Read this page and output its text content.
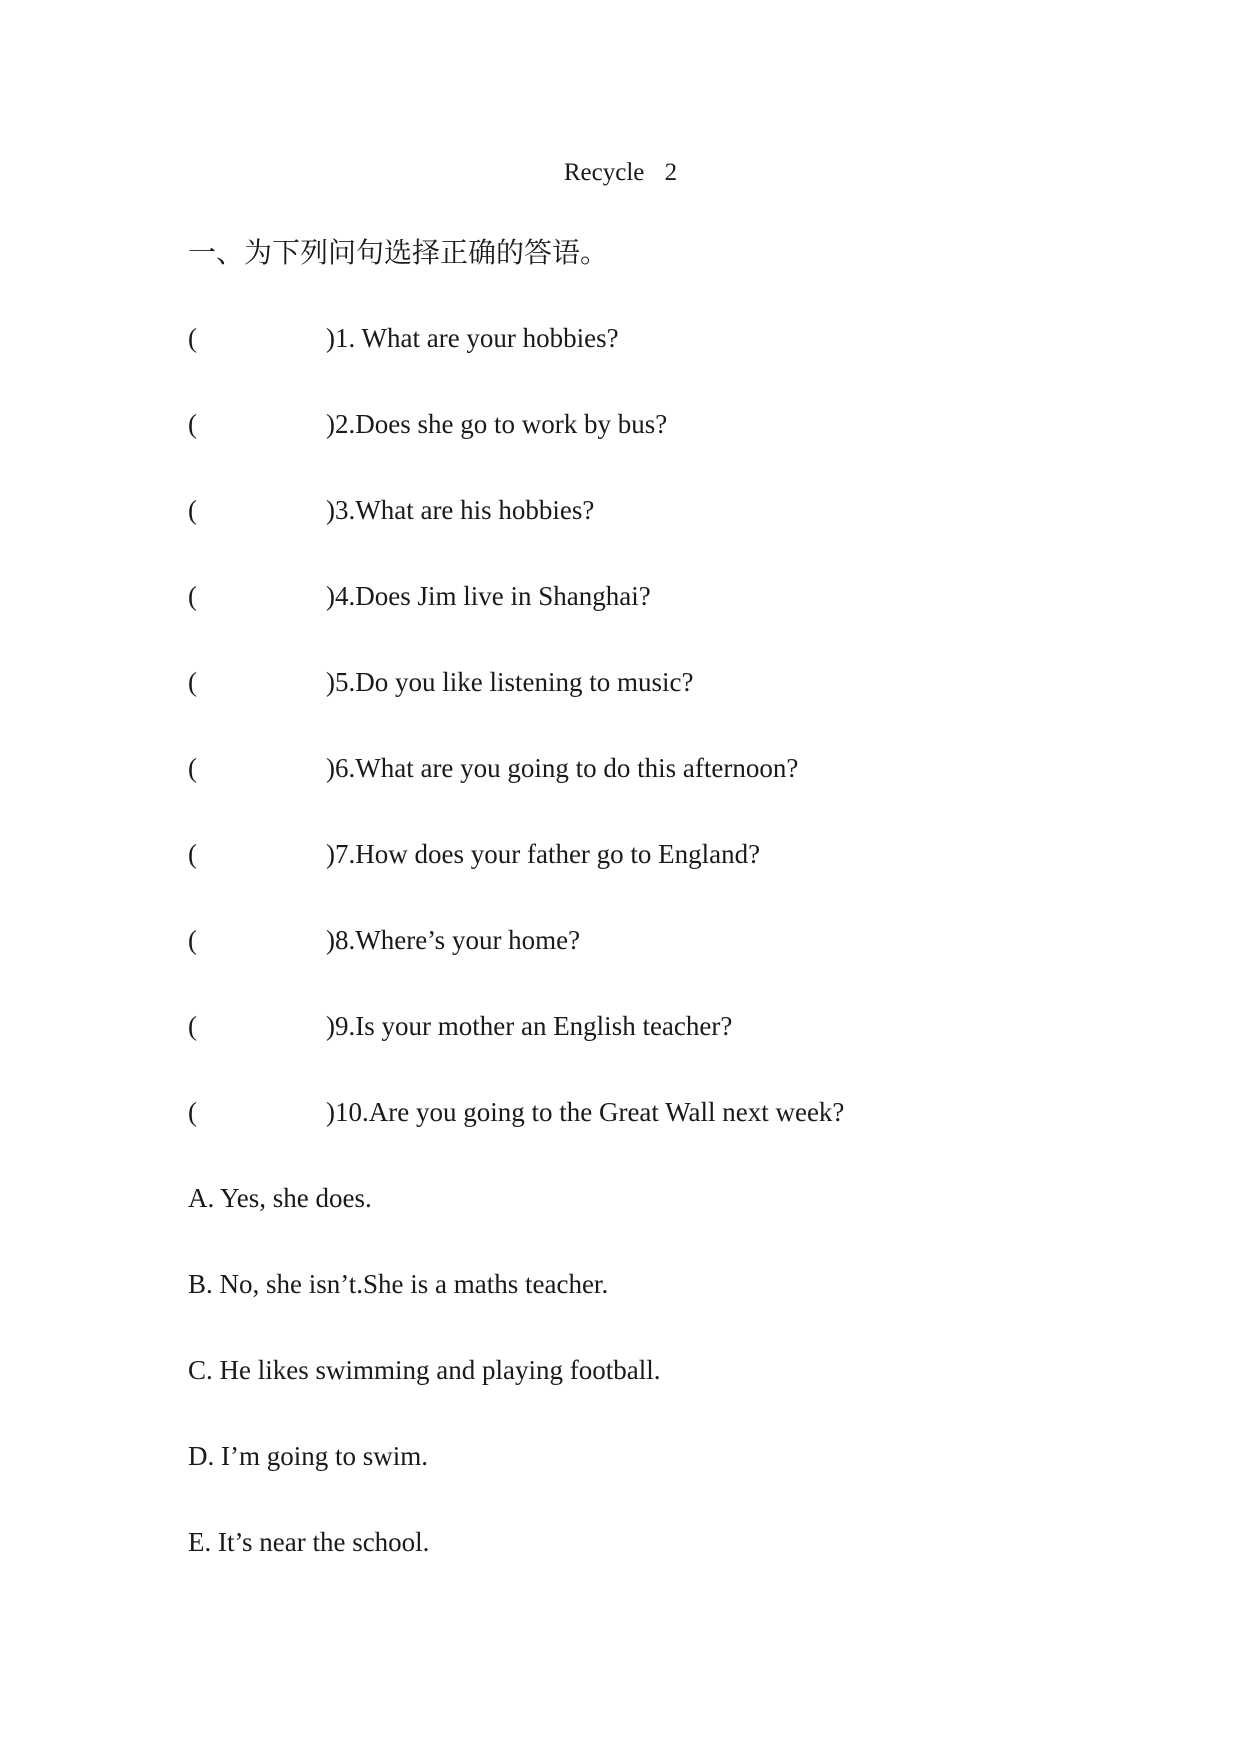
Recycle 2
一、为下列问句选择正确的答语。
(	)1. What are your hobbies?
(	)2.Does she go to work by bus?
(	)3.What are his hobbies?
(	)4.Does Jim live in Shanghai?
(	)5.Do you like listening to music?
(	)6.What are you going to do this afternoon?
(	)7.How does your father go to England?
(	)8.Where’s your home?
(	)9.Is your mother an English teacher?
(	)10.Are you going to the Great Wall next week?
A. Yes, she does.
B. No, she isn’t.She is a maths teacher.
C. He likes swimming and playing football.
D. I’m going to swim.
E. It’s near the school.
